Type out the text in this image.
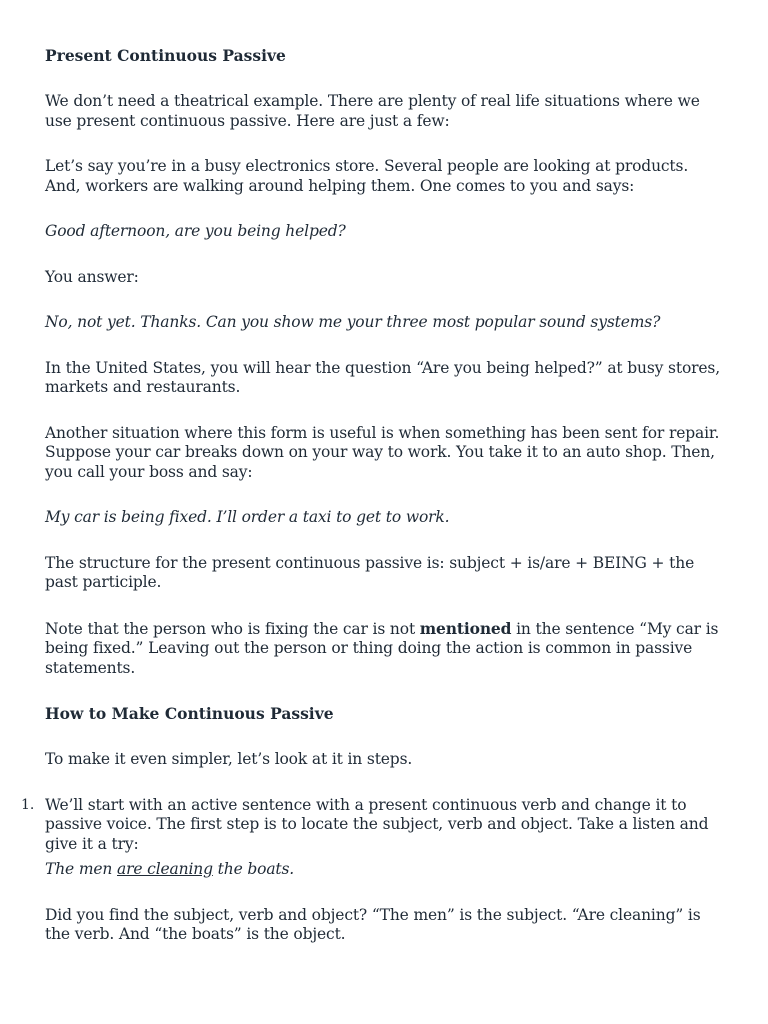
Present Continuous Passive

We don’t need a theatrical example. There are plenty of real life situations where we use present continuous passive. Here are just a few:

Let’s say you’re in a busy electronics store. Several people are looking at products. And, workers are walking around helping them. One comes to you and says:

Good afternoon, are you being helped?

You answer:

No, not yet. Thanks. Can you show me your three most popular sound systems?

In the United States, you will hear the question “Are you being helped?” at busy stores, markets and restaurants.

Another situation where this form is useful is when something has been sent for repair. Suppose your car breaks down on your way to work. You take it to an auto shop. Then, you call your boss and say:

My car is being fixed. I’ll order a taxi to get to work.

The structure for the present continuous passive is: subject + is/are + BEING + the past participle.

Note that the person who is fixing the car is not mentioned in the sentence “My car is being fixed.” Leaving out the person or thing doing the action is common in passive statements.

How to Make Continuous Passive

To make it even simpler, let’s look at it in steps.

1. We’ll start with an active sentence with a present continuous verb and change it to passive voice. The first step is to locate the subject, verb and object. Take a listen and give it a try:

The men are cleaning the boats.

Did you find the subject, verb and object? “The men” is the subject. “Are cleaning” is the verb. And “the boats” is the object.
